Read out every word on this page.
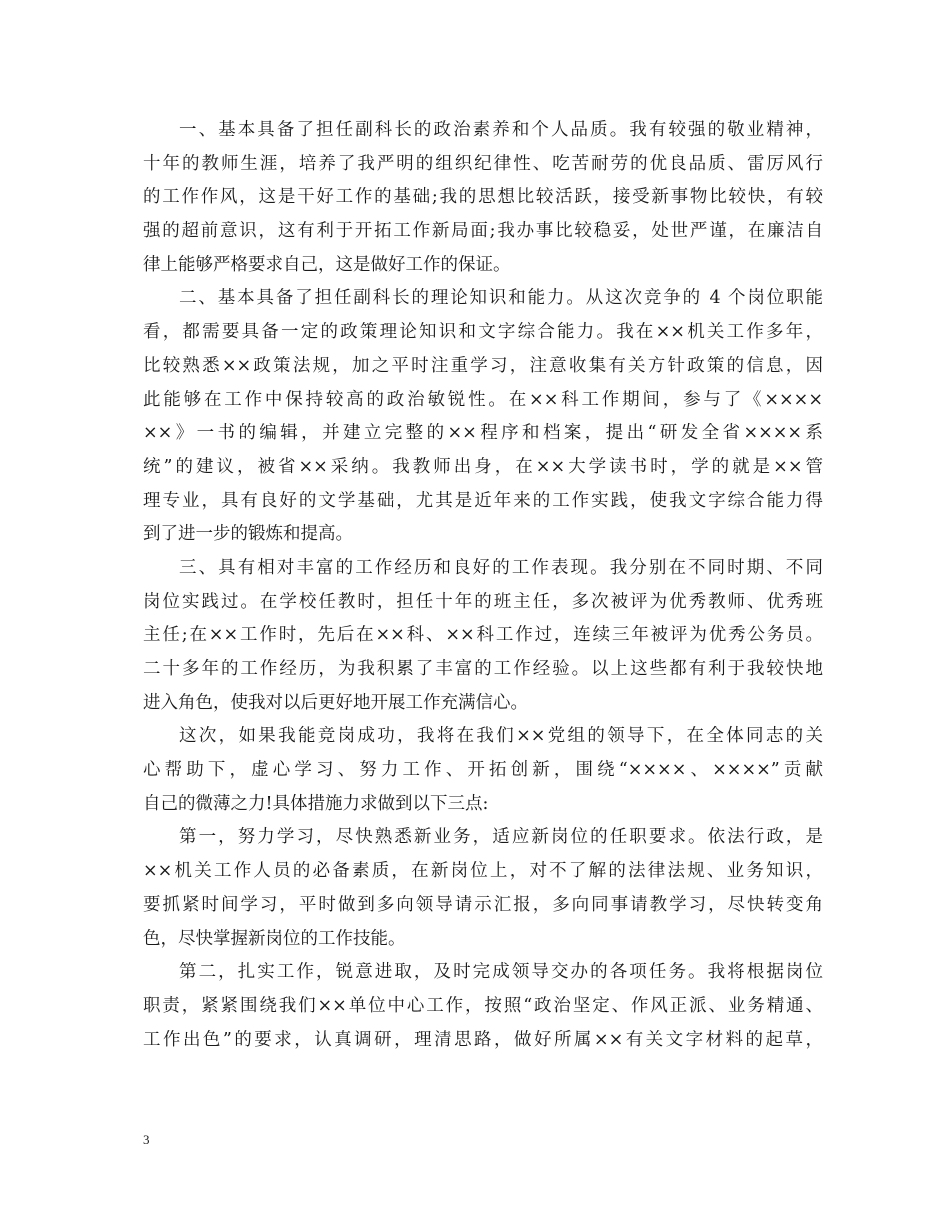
一、基本具备了担任副科长的政治素养和个人品质。我有较强的敬业精神，
十年的教师生涯，培养了我严明的组织纪律性、吃苦耐劳的优良品质、雷厉风行
的工作作风，这是干好工作的基础;我的思想比较活跃，接受新事物比较快，有较
强的超前意识，这有利于开拓工作新局面;我办事比较稳妥，处世严谨，在廉洁自
律上能够严格要求自己，这是做好工作的保证。
二、基本具备了担任副科长的理论知识和能力。从这次竞争的 4 个岗位职能
看，都需要具备一定的政策理论知识和文字综合能力。我在××机关工作多年，
比较熟悉××政策法规，加之平时注重学习，注意收集有关方针政策的信息，因
此能够在工作中保持较高的政治敏锐性。在××科工作期间，参与了《××××
××》一书的编辑，并建立完整的××程序和档案，提出“研发全省××××系
统”的建议，被省××采纳。我教师出身，在××大学读书时，学的就是××管
理专业，具有良好的文学基础，尤其是近年来的工作实践，使我文字综合能力得
到了进一步的锻炼和提高。
三、具有相对丰富的工作经历和良好的工作表现。我分别在不同时期、不同
岗位实践过。在学校任教时，担任十年的班主任，多次被评为优秀教师、优秀班
主任;在××工作时，先后在××科、××科工作过，连续三年被评为优秀公务员。
二十多年的工作经历，为我积累了丰富的工作经验。以上这些都有利于我较快地
进入角色，使我对以后更好地开展工作充满信心。
这次，如果我能竞岗成功，我将在我们××党组的领导下，在全体同志的关
心帮助下，虚心学习、努力工作、开拓创新，围绕“××××、××××”贡献
自己的微薄之力!具体措施力求做到以下三点:
第一，努力学习，尽快熟悉新业务，适应新岗位的任职要求。依法行政，是
××机关工作人员的必备素质，在新岗位上，对不了解的法律法规、业务知识，
要抓紧时间学习，平时做到多向领导请示汇报，多向同事请教学习，尽快转变角
色，尽快掌握新岗位的工作技能。
第二，扎实工作，锐意进取，及时完成领导交办的各项任务。我将根据岗位
职责，紧紧围绕我们××单位中心工作，按照“政治坚定、作风正派、业务精通、
工作出色”的要求，认真调研，理清思路，做好所属××有关文字材料的起草，
3
